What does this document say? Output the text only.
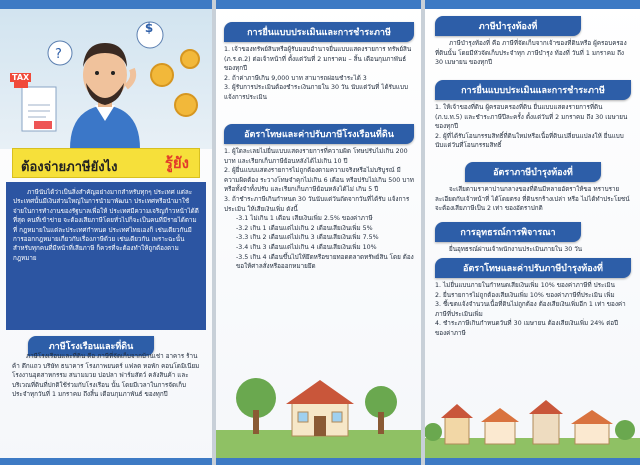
?
$
TAX
ต้องจ่ายภาษียังไง	รู้ยัง

ภาษีนับได้ว่าเป็นสิ่งสำคัญอย่างมากสำหรับทุกๆ ประเทศ แต่ละประเทศนั้นมีเงินส่วนใหญ่ในการนำมาพัฒนา ประเทศหรือนำมาใช้จ่ายในการทำงานของรัฐบาลเพื่อให้ ประเทศมีความเจริญก้าวหน้าได้ดีที่สุด คนที่เข้าข่าย จะต้องเสียภาษีโดยทั่วไปก็จะเป็นคนที่มีรายได้ตามที่ กฎหมายในแต่ละประเทศกำหนด ประเทศไทยเองก็ เช่นเดียวกันมีการออกกฎหมายเกี่ยวกับเรื่องภาษีด้วย เช่นเดียวกัน เพราะฉะนั้นสำหรับทุกคนที่มีหน้าที่เสียภาษี ก็ควรที่จะต้องทำให้ถูกต้องตามกฎหมาย

ภาษีโรงเรือนและที่ดิน

ภาษีโรงเรือนและที่ดิน คือ ภาษีที่จัดเก็บจากบ้านเช่า อาคาร ร้านค้า ตึกแถว บริษัท ธนาคาร โรงภาพยนตร์ แฟลต หอพัก คอนโดมิเนียม โรงงานอุตสาหกรรม สนามมวย บ่อปลา ฟาร์มสัตว์ คลังสินค้า และบริเวณที่ดินที่ปกติใช้ร่วมกับโรงเรือน นั้น โดยมีเวลาในการจัดเก็บประจำทุกวันที่ 1 มกราคม ถึงสิ้น เดือนกุมภาพันธ์ ของทุกปี

การยื่นแบบประเมินและการชำระภาษี
1. เจ้าของทรัพย์สินหรือผู้รับมอบอำนาจยื่นแบบแสดงรายการ ทรัพย์สิน (ภ.ร.ด.2) ต่อเจ้าหน้าที่ ตั้งแต่วันที่ 2 มกราคม – สิ้น เดือนกุมภาพันธ์ ของทุกปี
2. ถ้าค่าภาษีเกิน 9,000 บาท สามารถผ่อนชำระได้ 3
3. ผู้รับการประเมินต้องชำระเงินภายใน 30 วัน นับแต่วันที่ ได้รับแบบแจ้งการประเมิน
อัตราโทษและค่าปรับภาษีโรงเรือนที่ดิน
1. ผู้ใดละเลยไม่ยื่นแบบแสดงรายการที่ความผิด โทษปรับไม่เกิน 200 บาท และเรียกเก็บภาษีย้อนหลังได้ไม่เกิน 10 ปี
2. ผู้ยื่นแบบแสดงรายการไม่ถูกต้องตามความจริงหรือไม่บริบูรณ์ มีความผิดต้อง ระวางโทษจำคุกไม่เกิน 6 เดือน หรือปรับไม่เกิน 500 บาท หรือทั้งจำทั้งปรับ และเรียกเก็บภาษีย้อนหลังได้ไม่ เกิน 5 ปี
3. ถ้าชำระภาษีเกินกำหนด 30 วันนับแต่วันถัดจากวันที่ได้รับ แจ้งการประเมิน ให้เสียเงินเพิ่ม ดังนี้
-3.1 ไม่เกิน 1 เดือน เสียเงินเพิ่ม 2.5% ของค่าภาษี
-3.2 เกิน 1 เดือนแต่ไม่เกิน 2 เดือนเสียเงินเพิ่ม 5%
-3.3 เกิน 2 เดือนแต่ไม่เกิน 3 เดือนเสียเงินเพิ่ม 7.5%
-3.4 เกิน 3 เดือนแต่ไม่เกิน 4 เดือนเสียเงินเพิ่ม 10%
-3.5 เกิน 4 เดือนขึ้นไปให้ยึดหรือขายทอดตลาดทรัพย์สิน โดย ต้องขอให้ศาลสั่งหรือออกหมายยึด
ภาษีบำรุงท้องที่

ภาษีบำรุงท้องที่ คือ ภาษีที่จัดเก็บจากเจ้าของที่ดินหรือ ผู้ครอบครองที่ดินนั้น โดยมีหัวจัดเก็บประจำทุก ภาษีบำรุง ท้องที่ วันที่ 1 มกราคม ถึง 30 เมษายน ของทุกปี

การยื่นแบบประเมินและการชำระภาษี
1. ให้เจ้าของที่ดิน ผู้ครอบครองที่ดิน ยื่นแบบแสดงรายการที่ดิน (ภ.บ.ท.5) และชำระภาษีปีละครั้ง ตั้งแต่วันที่ 2 มกราคม ถึง 30 เมษายน ของทุกปี
2. ผู้ที่ได้รับโอนกรรมสิทธิ์ที่ดินใหม่หรือเนื้อที่ดินเปลี่ยนแปลงให้ ยื่นแบบนับแต่วันที่โอนกรรมสิทธิ์
อัตราภาษีบำรุงท้องที่

จะเสียตามราคาปานกลางของที่ดินมีหลายอัตราให้ขอ ทราบรายละเอียดกับเจ้าหน้าที่ ได้โดยตรง ที่ดินรกร้างเปล่า หรือ ไม่ได้ทำประโยชน์จะต้องเสียภาษีเป็น 2 เท่า ของอัตราปกติ

การอุทธรณ์การพิจารณา

ยื่นอุทธรณ์ผ่านเจ้าพนักงานประเมินภายใน 30 วัน

อัตราโทษและค่าปรับภาษีบำรุงท้องที่
1. ไม่ยื่นแบบภายในกำหนดเสียเงินเพิ่ม 10% ของค่าภาษีที่ ประเมิน
2. ยื่นรายการไม่ถูกต้องเสียเงินเพิ่ม 10% ของค่าภาษีที่ประเมิน เพิ่ม
3. ชี้เขตแจ้งจำนวนเนื้อที่ดินไม่ถูกต้อง ต้องเสียเงินเพิ่มอีก 1 เท่า ของค่าภาษีที่ประเมินเพิ่ม
4. ชำระภาษีเกินกำหนดวันที่ 30 เมษายน ต้องเสียเงินเพิ่ม 24% ต่อปี ของค่าภาษี
